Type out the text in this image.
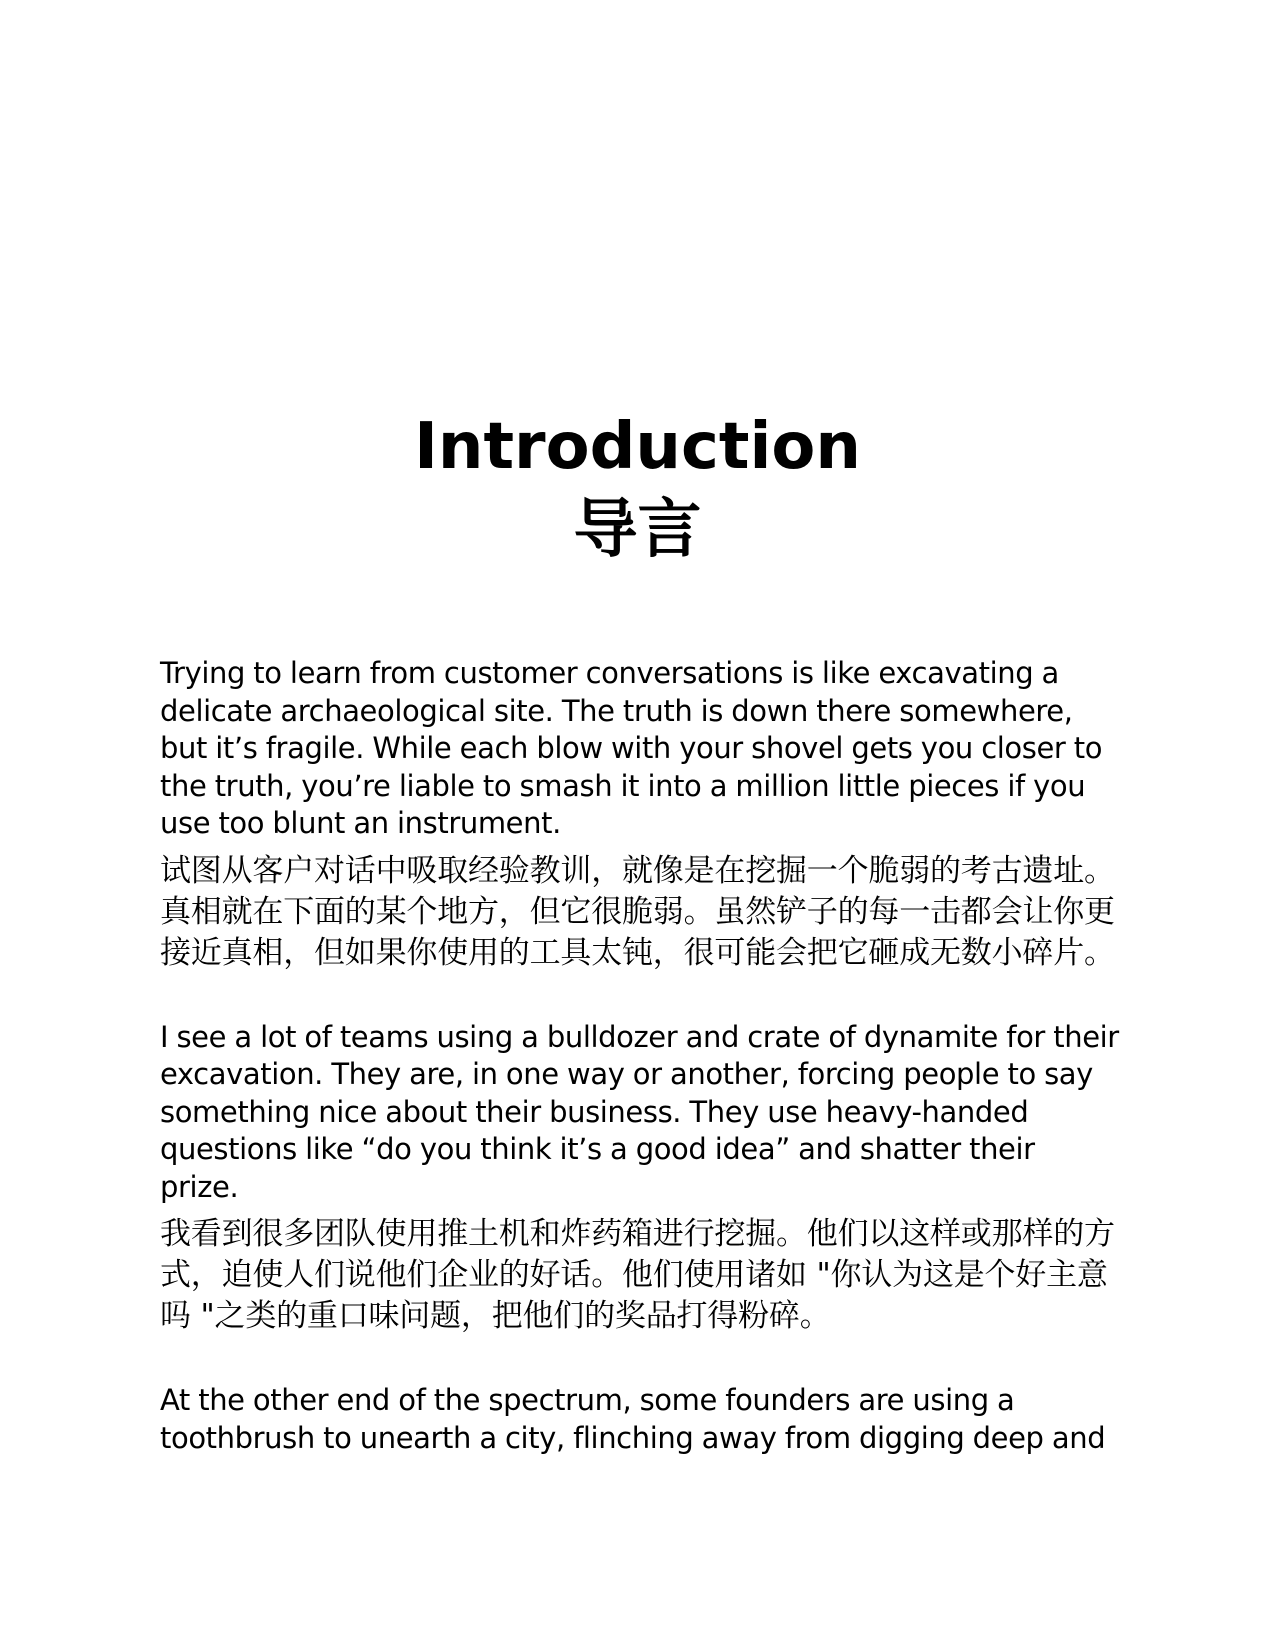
Introduction
导言

Trying to learn from customer conversations is like excavating a delicate archaeological site. The truth is down there somewhere, but it’s fragile. While each blow with your shovel gets you closer to the truth, you’re liable to smash it into a million little pieces if you use too blunt an instrument.

试图从客户对话中吸取经验教训，就像是在挖掘一个脆弱的考古遗址。真相就在下面的某个地方，但它很脆弱。虽然铲子的每一击都会让你更接近真相，但如果你使用的工具太钝，很可能会把它砸成无数小碎片。

I see a lot of teams using a bulldozer and crate of dynamite for their excavation. They are, in one way or another, forcing people to say something nice about their business. They use heavy-handed questions like “do you think it’s a good idea” and shatter their prize.

我看到很多团队使用推土机和炸药箱进行挖掘。他们以这样或那样的方式，迫使人们说他们企业的好话。他们使用诸如 "你认为这是个好主意吗 "之类的重口味问题，把他们的奖品打得粉碎。

At the other end of the spectrum, some founders are using a toothbrush to unearth a city, flinching away from digging deep and
